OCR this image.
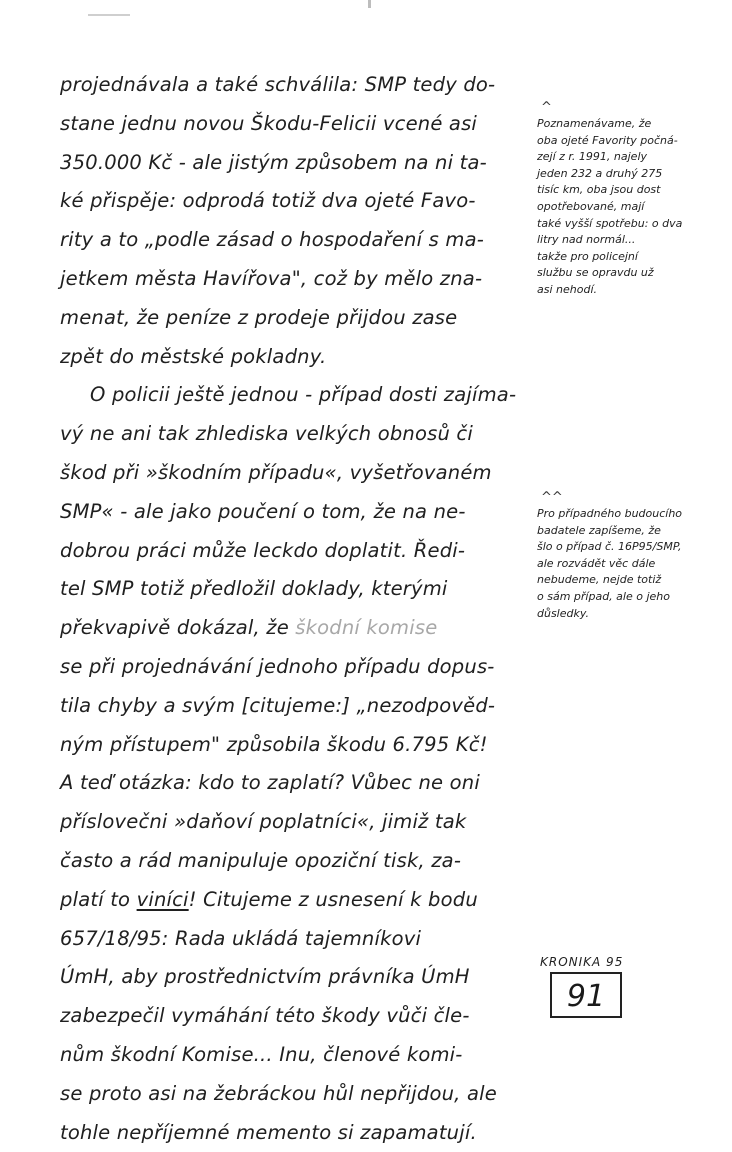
projednávala a také schválila: SMP tedy do-
stane jednu novou Škodu-Felicii vcené asi
350.000 Kč - ale jistým způsobem na ni ta-
ké přispěje: odprodá totiž dva ojeté Favo-
rity a to „podle zásad o hospodaření s ma-
jetkem města Havířova", což by mělo zna-
menat, že peníze z prodeje přijdou zase
zpět do městské pokladny.
O policii ještě jednou - případ dosti zajíma-
vý ne ani tak zhlediska velkých obnosů či
škod při »škodním případu«, vyšetřovaném
SMP« - ale jako poučení o tom, že na ne-
dobrou práci může leckdo doplatit. Ředi-
tel SMP totiž předložil doklady, kterými
překvapivě dokázal, že škodní komise
se při projednávání jednoho případu dopus-
tila chyby a svým [citujeme:] „nezodpověd-
ným přístupem" způsobila škodu 6.795 Kč!
A teď otázka: kdo to zaplatí? Vůbec ne oni
příslovečni »daňoví poplatníci«, jimiž tak
často a rád manipuluje opoziční tisk, za-
platí to viníci! Citujeme z usnesení k bodu
657/18/95: Rada ukládá tajemníkovi
ÚmH, aby prostřednictvím právníka ÚmH
zabezpečil vymáhání této škody vůči čle-
nům škodní Komise... Inu, členové komi-
se proto asi na žebráckou hůl nepřijdou, ale
tohle nepříjemné memento si zapamatují.
^
Poznamenávame, že
oba ojeté Favority počná-
zejí z r. 1991, najely
jeden 232 a druhý 275
tisíc km, oba jsou dost
opotřebované, mají
také vyšší spotřebu: o dva
litry nad normál...
takže pro policejní
službu se opravdu už
asi nehodí.
^^
Pro případného budoucího
badatele zapíšeme, že
šlo o případ č. 16P95/SMP,
ale rozvádět věc dále
nebudeme, nejde totiž
o sám případ, ale o jeho
důsledky.
KRONIKA 95
91
